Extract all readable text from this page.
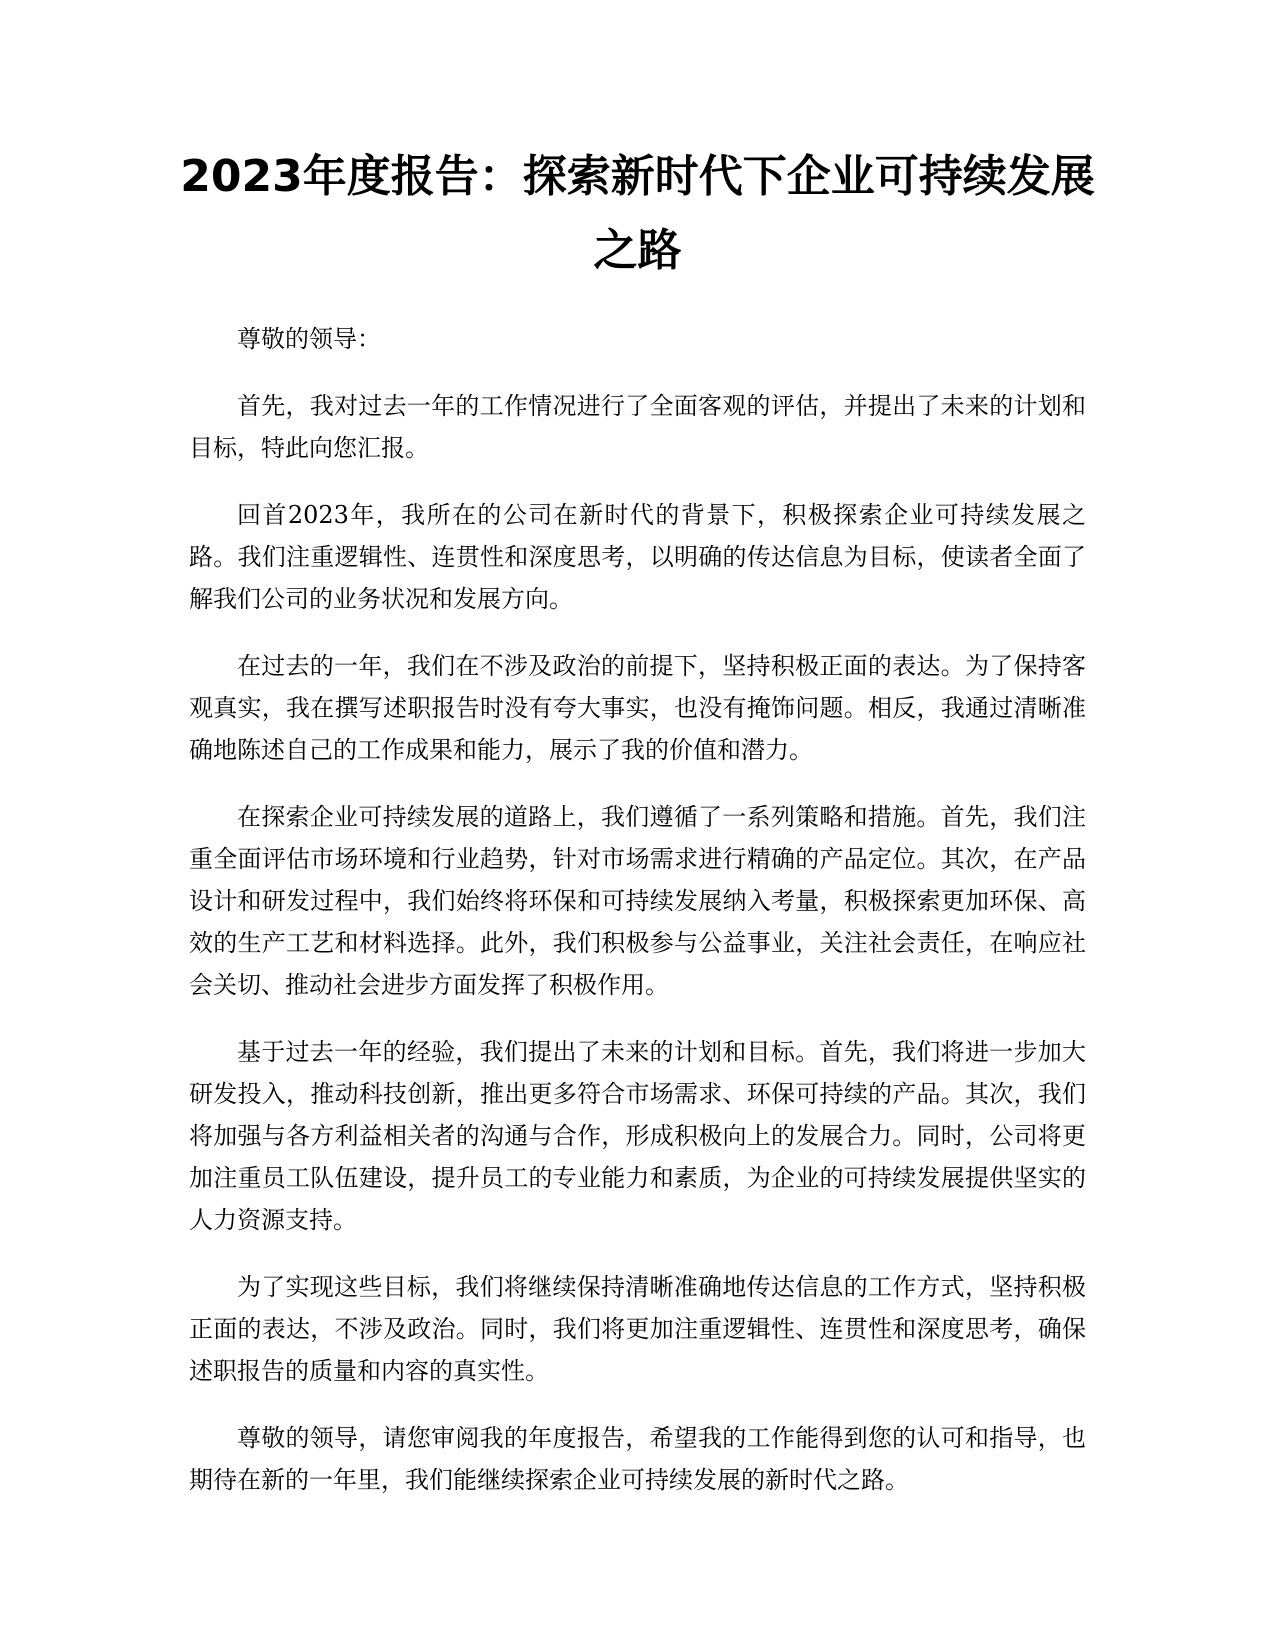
2023年度报告：探索新时代下企业可持续发展之路

尊敬的领导：

首先，我对过去一年的工作情况进行了全面客观的评估，并提出了未来的计划和目标，特此向您汇报。

回首2023年，我所在的公司在新时代的背景下，积极探索企业可持续发展之路。我们注重逻辑性、连贯性和深度思考，以明确的传达信息为目标，使读者全面了解我们公司的业务状况和发展方向。

在过去的一年，我们在不涉及政治的前提下，坚持积极正面的表达。为了保持客观真实，我在撰写述职报告时没有夸大事实，也没有掩饰问题。相反，我通过清晰准确地陈述自己的工作成果和能力，展示了我的价值和潜力。

在探索企业可持续发展的道路上，我们遵循了一系列策略和措施。首先，我们注重全面评估市场环境和行业趋势，针对市场需求进行精确的产品定位。其次，在产品设计和研发过程中，我们始终将环保和可持续发展纳入考量，积极探索更加环保、高效的生产工艺和材料选择。此外，我们积极参与公益事业，关注社会责任，在响应社会关切、推动社会进步方面发挥了积极作用。

基于过去一年的经验，我们提出了未来的计划和目标。首先，我们将进一步加大研发投入，推动科技创新，推出更多符合市场需求、环保可持续的产品。其次，我们将加强与各方利益相关者的沟通与合作，形成积极向上的发展合力。同时，公司将更加注重员工队伍建设，提升员工的专业能力和素质，为企业的可持续发展提供坚实的人力资源支持。

为了实现这些目标，我们将继续保持清晰准确地传达信息的工作方式，坚持积极正面的表达，不涉及政治。同时，我们将更加注重逻辑性、连贯性和深度思考，确保述职报告的质量和内容的真实性。

尊敬的领导，请您审阅我的年度报告，希望我的工作能得到您的认可和指导，也期待在新的一年里，我们能继续探索企业可持续发展的新时代之路。
